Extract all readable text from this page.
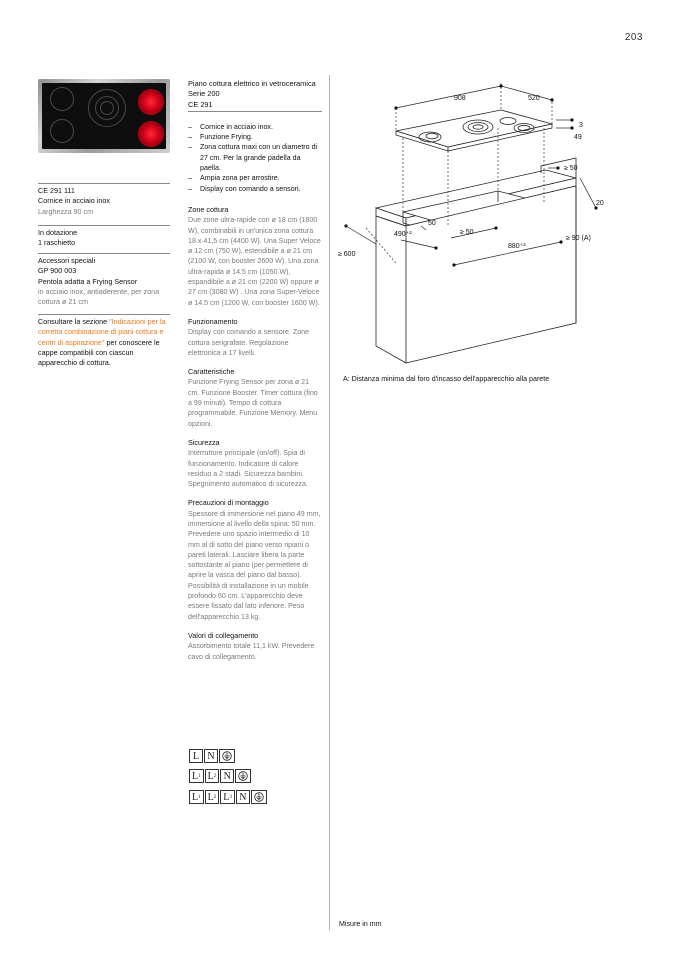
203
CE 291 111
Cornice in acciaio inox
Larghezza 90 cm
In dotazione
1 raschietto
Accessori speciali
GP 900 003
Pentola adatta a Frying Sensor
in acciaio inox, antiaderente, per zona cottura ø 21 cm
Consultare la sezione "Indicazioni per la corretta combinazione di piani cottura e centri di aspirazione" per conoscere le cappe compatibili con ciascun apparecchio di cottura.
Piano cottura elettrico in vetroceramica
Serie 200
CE 291
– Cornice in acciaio inox.
– Funzione Frying.
– Zona cottura maxi con un diametro di 27 cm. Per la grande padella da paella.
– Ampia zona per arrostire.
– Display con comando a sensori.
Zone cottura
Due zone ultra-rapide con ø 18 cm (1800 W), combinabili in un'unica zona cottura 18 x 41,5 cm (4400 W). Una Super Veloce ø 12 cm (750 W), estendibile a ø 21 cm (2100 W, con booster 2600 W). Una zona ultra-rapida ø 14.5 cm (1050 W), espandibile a ø 21 cm (2200 W) oppure ø 27 cm (3080 W) . Una zona Super-Veloce ø 14.5 cm (1200 W, con booster 1600 W).
Funzionamento
Display con comando a sensore. Zone cottura serigrafate. Regolazione elettronica a 17 livelli.
Caratteristiche
Funzione Frying Sensor per zona ø 21 cm. Funzione Booster. Timer cottura (fino a 99 minuti). Tempo di cottura programmabile. Funzione Memory. Menu opzioni.
Sicurezza
Interruttore principale (on/off). Spia di funzionamento. Indicatore di calore residuo a 2 stadi. Sicurezza bambini. Spegnimento automatico di sicurezza.
Precauzioni di montaggio
Spessore di immersione nel piano 49 mm, immersione al livello della spina: 50 mm. Prevedere uno spazio intermedio di 10 mm al di sotto del piano verso ripiani o pareti laterali. Lasciare libera la parte sottostante al piano (per permettere di aprire la vasca del piano dal basso). Possibilità di installazione in un mobile profondo 60 cm. L'apparecchio deve essere fissato dal lato inferiore. Peso dell'apparecchio 13 kg.
Valori di collegamento
Assorbimento totale 11,1 kW. Prevedere cavo di collegamento.
L N
L 1 L 2 N
L 1 L 2 L 3 N
908	520
3
49
≥ 50
20
≥ 90 (A)
880⁺²
490⁺²	≥ 50
50
≥ 600
A: Distanza minima dal foro d'incasso dell'apparecchio alla parete
Misure in mm
